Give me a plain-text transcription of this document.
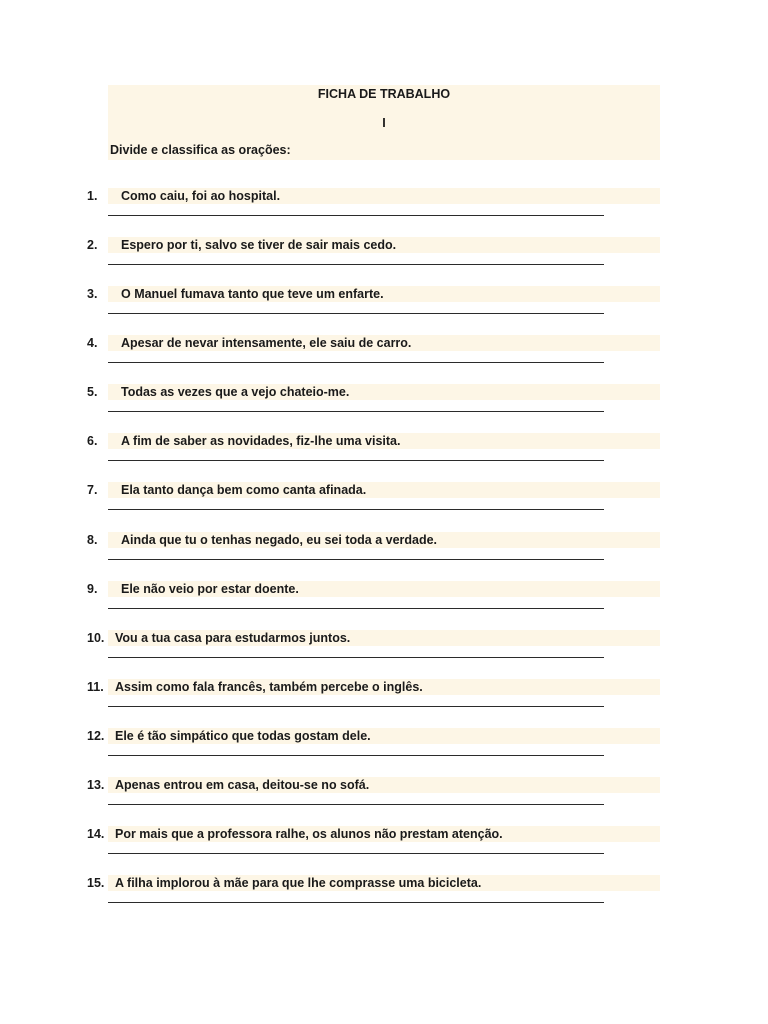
FICHA DE TRABALHO
I
Divide e classifica as orações:
1. Como caiu, foi ao hospital.
2. Espero por ti, salvo se tiver de sair mais cedo.
3. O Manuel fumava tanto que teve um enfarte.
4. Apesar de nevar intensamente, ele saiu de carro.
5. Todas as vezes que a vejo chateio-me.
6. A fim de saber as novidades, fiz-lhe uma visita.
7. Ela tanto dança bem como canta afinada.
8. Ainda que tu o tenhas negado, eu sei toda a verdade.
9. Ele não veio por estar doente.
10. Vou a tua casa para estudarmos juntos.
11. Assim como fala francês, também percebe o inglês.
12. Ele é tão simpático que todas gostam dele.
13. Apenas entrou em casa, deitou-se no sofá.
14. Por mais que a professora ralhe, os alunos não prestam atenção.
15. A filha implorou à mãe para que lhe comprasse uma bicicleta.
